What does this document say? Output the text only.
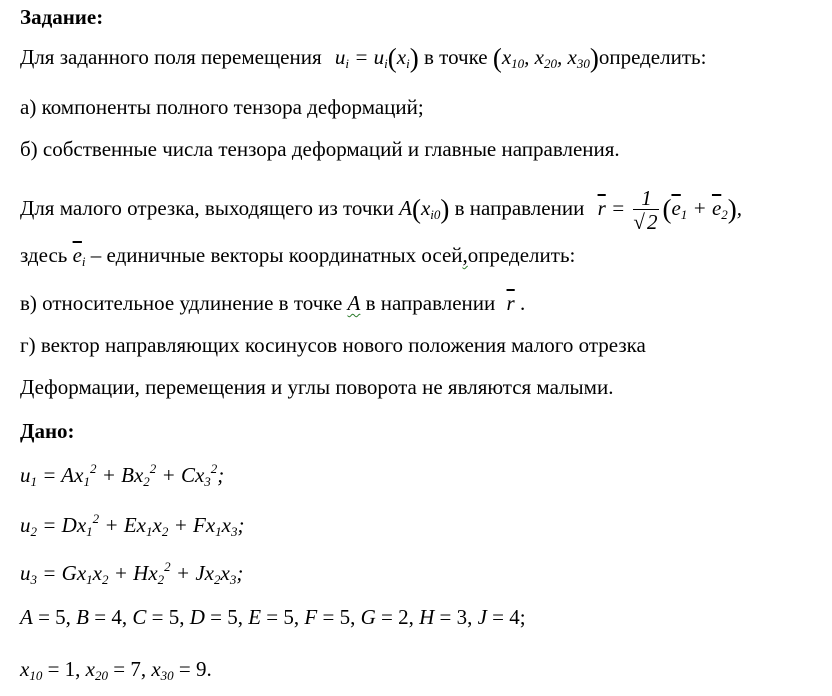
Задание:
Для заданного поля перемещения $u_i = u_i(x_i)$ в точке ($x_{10}$, $x_{20}$, $x_{30})определить$:
а) компоненты полного тензора деформаций;
б) собственные числа тензора деформаций и главные направления.
Для малого отрезка, выходящего из точки $A(x_{i0})$ в направлении $\overline{r} = \frac{1}{√2} (\overline{e}_1 + \overline{e}_2)$,
здесь $\overline{e}_i$ – единичные векторы координатных осей,определить:
в) относительное удлинение в точке A в направлении $\overline{r}$ .
г) вектор направляющих косинусов нового положения малого отрезка
Деформации, перемещения и углы поворота не являются малыми.
Дано:
$u_1 = Ax_1^2 + Bx_2^2 + Cx_3^2$;
$u_2 = Dx_1^2 + Ex_1x_2 + Fx_1x_3$;
$u_3 = Gx_1x_2 + Hx_2^2 + Jx_2x_3$;
A = 5, B = 4, C = 5, D = 5, E = 5, F = 5, G = 2, H = 3, J = 4;
$x_{10} = 1$, $x_{20} = 7$, $x_{30} = 9$.
